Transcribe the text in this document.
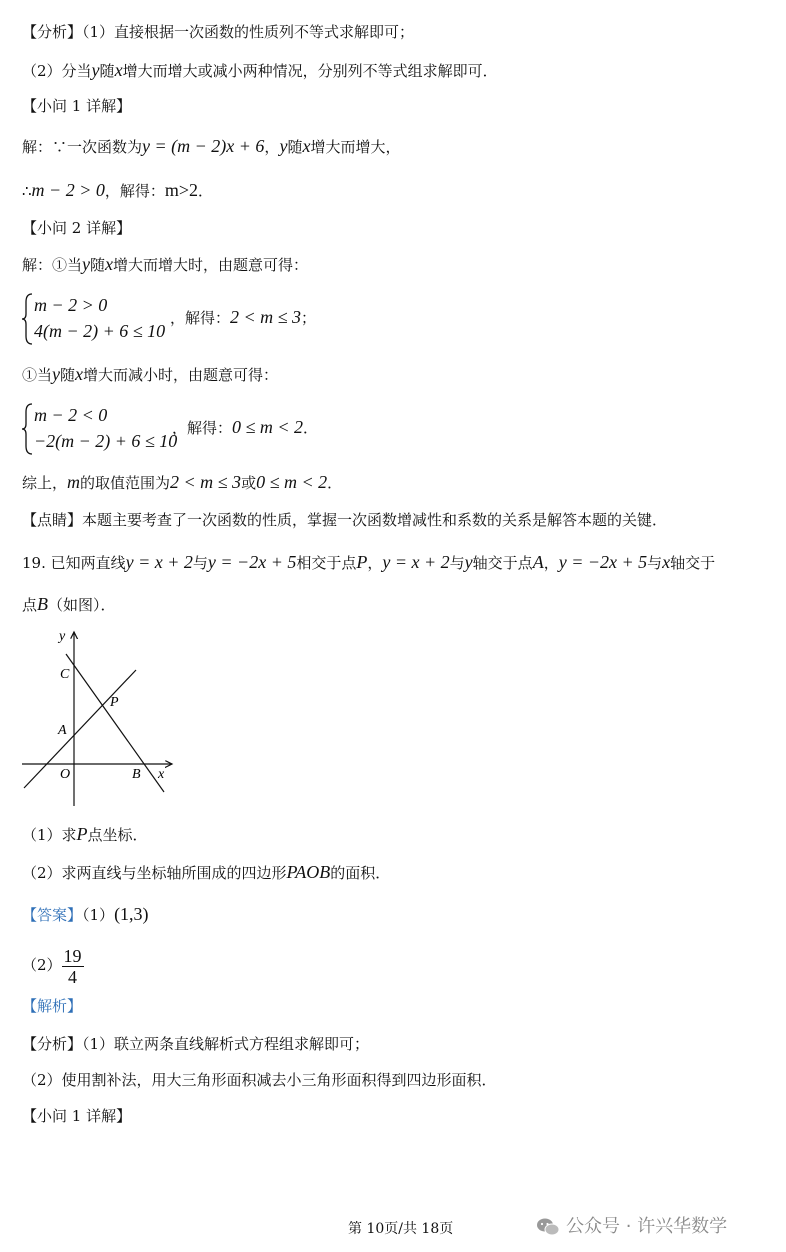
【分析】（1）直接根据一次函数的性质列不等式求解即可；
（2）分当y随x增大而增大或减小两种情况，分别列不等式组求解即可．
【小问 1 详解】
解：∵一次函数为y = (m − 2)x + 6，y随x增大而增大，
∴m − 2 > 0，解得：m>2．
【小问 2 详解】
解：①当y随x增大而增大时，由题意可得：
m − 2 > 0
4(m − 2) + 6 ≤ 10
，解得：2 < m ≤ 3；
①当y随x增大而减小时，由题意可得：
m − 2 < 0
−2(m − 2) + 6 ≤ 10
，解得：0 ≤ m < 2．
综上，m的取值范围为2 < m ≤ 3或0 ≤ m < 2．
【点睛】本题主要考查了一次函数的性质，掌握一次函数增减性和系数的关系是解答本题的关键．
19. 已知两直线y = x + 2与y = −2x + 5相交于点P，y = x + 2与y轴交于点A，y = −2x + 5与x轴交于
点B（如图）．
y
x
O
A
B
C
P
（1）求P点坐标．
（2）求两直线与坐标轴所围成的四边形PAOB的面积．
【答案】（1）(1,3)
$(2) \frac{19}{4}$
【解析】
【分析】（1）联立两条直线解析式方程组求解即可；
（2）使用割补法，用大三角形面积减去小三角形面积得到四边形面积．
【小问 1 详解】
第 10页/共 18页	公众号 · 许兴华数学
